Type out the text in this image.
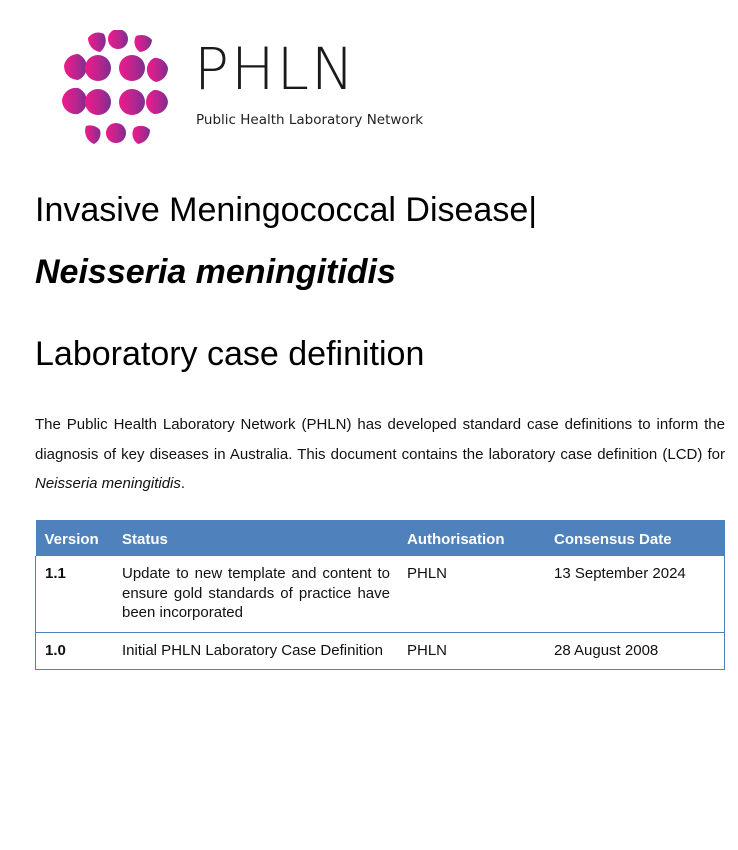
PHLN
Public Health Laboratory Network
Invasive Meningococcal Disease|
Neisseria meningitidis
Laboratory case definition

The Public Health Laboratory Network (PHLN) has developed standard case definitions to inform the diagnosis of key diseases in Australia. This document contains the laboratory case definition (LCD) for Neisseria meningitidis.

Version	Status	Authorisation	Consensus Date
1.1	Update to new template and content to ensure gold standards of practice have been incorporated	PHLN	13 September 2024
1.0	Initial PHLN Laboratory Case Definition	PHLN	28 August 2008
